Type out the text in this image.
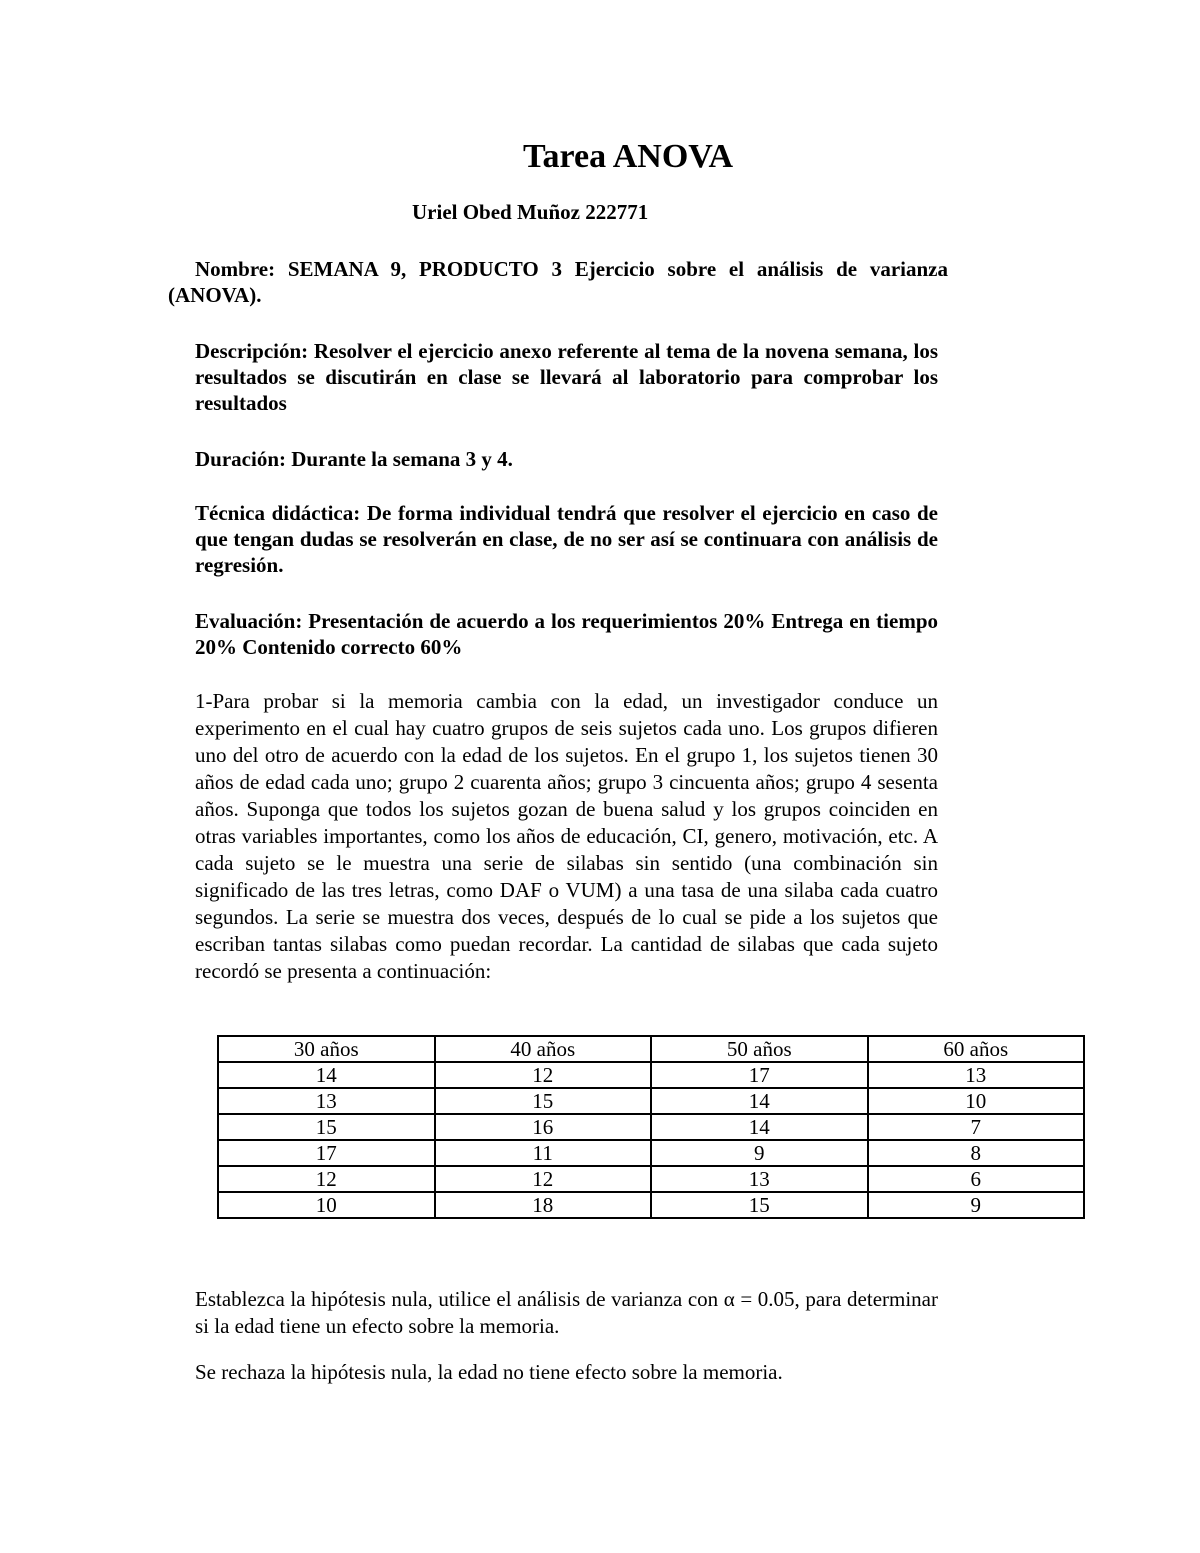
Tarea ANOVA

Uriel Obed Muñoz 222771

Nombre: SEMANA 9, PRODUCTO 3 Ejercicio sobre el análisis de varianza (ANOVA).

Descripción: Resolver el ejercicio anexo referente al tema de la novena semana, los resultados se discutirán en clase se llevará al laboratorio para comprobar los resultados

Duración: Durante la semana 3 y 4.

Técnica didáctica: De forma individual tendrá que resolver el ejercicio en caso de que tengan dudas se resolverán en clase, de no ser así se continuara con análisis de regresión.

Evaluación: Presentación de acuerdo a los requerimientos 20% Entrega en tiempo 20% Contenido correcto 60%

1-Para probar si la memoria cambia con la edad, un investigador conduce un experimento en el cual hay cuatro grupos de seis sujetos cada uno. Los grupos difieren uno del otro de acuerdo con la edad de los sujetos. En el grupo 1, los sujetos tienen 30 años de edad cada uno; grupo 2 cuarenta años; grupo 3 cincuenta años; grupo 4 sesenta años. Suponga que todos los sujetos gozan de buena salud y los grupos coinciden en otras variables importantes, como los años de educación, CI, genero, motivación, etc. A cada sujeto se le muestra una serie de silabas sin sentido (una combinación sin significado de las tres letras, como DAF o VUM) a una tasa de una silaba cada cuatro segundos. La serie se muestra dos veces, después de lo cual se pide a los sujetos que escriban tantas silabas como puedan recordar. La cantidad de silabas que cada sujeto recordó se presenta a continuación:

30 años	40 años	50 años	60 años
14	12	17	13
13	15	14	10
15	16	14	7
17	11	9	8
12	12	13	6
10	18	15	9

Establezca la hipótesis nula, utilice el análisis de varianza con α = 0.05, para determinar si la edad tiene un efecto sobre la memoria.

Se rechaza la hipótesis nula, la edad no tiene efecto sobre la memoria.
